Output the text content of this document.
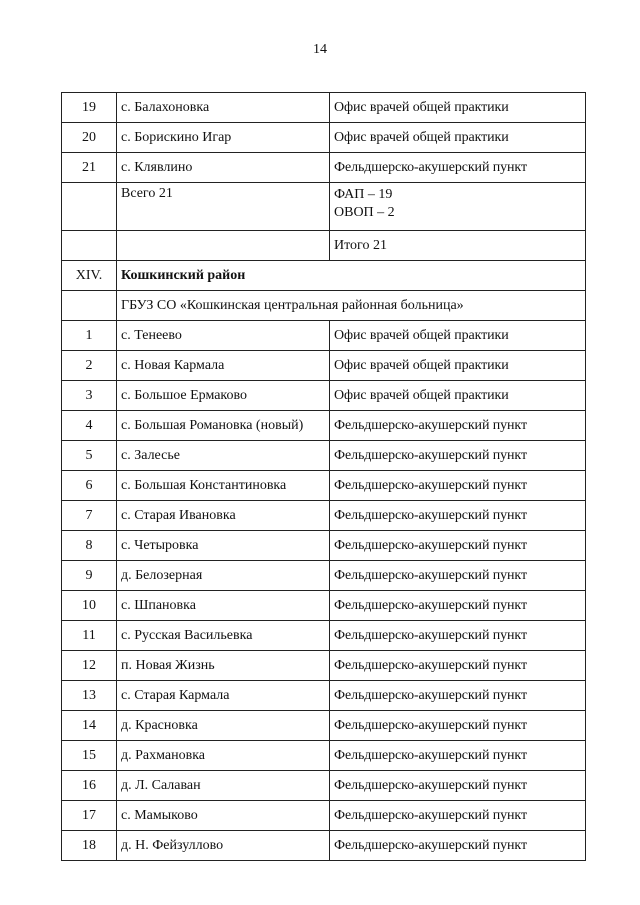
14
19	с. Балахоновка	Офис врачей общей практики
20	с. Борискино Игар	Офис врачей общей практики
21	с. Клявлино	Фельдшерско-акушерский пункт
	Всего 21	ФАП – 19
ОВОП – 2

		Итого 21
XIV.	Кошкинский район	
	ГБУЗ СО «Кошкинская центральная районная больница»	
1	с. Тенеево	Офис врачей общей практики
2	с. Новая Кармала	Офис врачей общей практики
3	с. Большое Ермаково	Офис врачей общей практики
4	с. Большая Романовка (новый)	Фельдшерско-акушерский пункт
5	с. Залесье	Фельдшерско-акушерский пункт
6	с. Большая Константиновка	Фельдшерско-акушерский пункт
7	с. Старая Ивановка	Фельдшерско-акушерский пункт
8	с. Четыровка	Фельдшерско-акушерский пункт
9	д. Белозерная	Фельдшерско-акушерский пункт
10	с. Шпановка	Фельдшерско-акушерский пункт
11	с. Русская Васильевка	Фельдшерско-акушерский пункт
12	п. Новая Жизнь	Фельдшерско-акушерский пункт
13	с. Старая Кармала	Фельдшерско-акушерский пункт
14	д. Красновка	Фельдшерско-акушерский пункт
15	д. Рахмановка	Фельдшерско-акушерский пункт
16	д. Л. Салаван	Фельдшерско-акушерский пункт
17	с. Мамыково	Фельдшерско-акушерский пункт
18	д. Н. Фейзуллово	Фельдшерско-акушерский пункт
